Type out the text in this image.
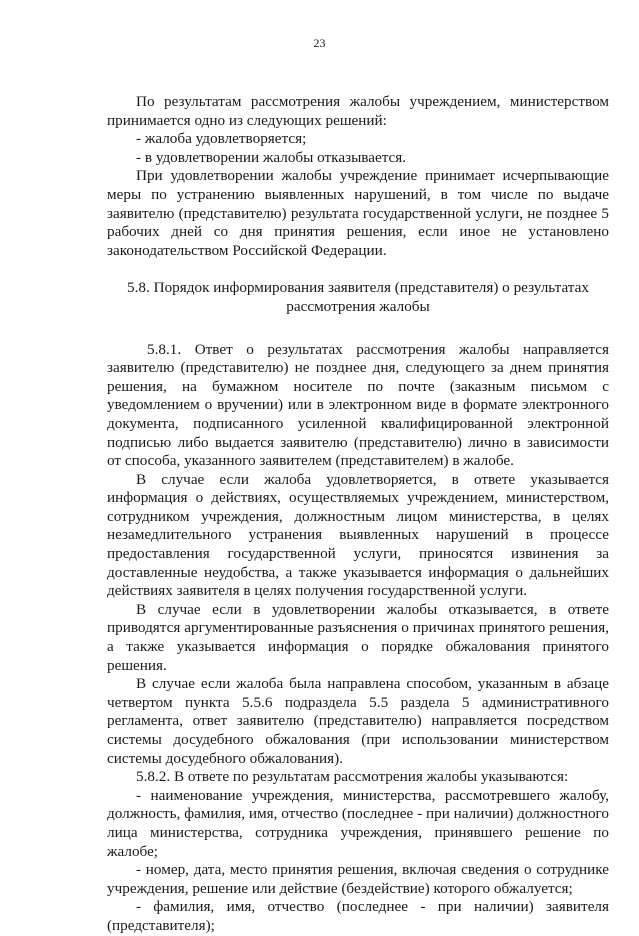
23

По результатам рассмотрения жалобы учреждением, министерством принимается одно из следующих решений:

- жалоба удовлетворяется;

- в удовлетворении жалобы отказывается.

При удовлетворении жалобы учреждение принимает исчерпывающие меры по устранению выявленных нарушений, в том числе по выдаче заявителю (представителю) результата государственной услуги, не позднее 5 рабочих дней со дня принятия решения, если иное не установлено законодательством Российской Федерации.

5.8. Порядок информирования заявителя (представителя) о результатах рассмотрения жалобы

5.8.1. Ответ о результатах рассмотрения жалобы направляется заявителю (представителю) не позднее дня, следующего за днем принятия решения, на бумажном носителе по почте (заказным письмом с уведомлением о вручении) или в электронном виде в формате электронного документа, подписанного усиленной квалифицированной электронной подписью либо выдается заявителю (представителю) лично в зависимости от способа, указанного заявителем (представителем) в жалобе.

В случае если жалоба удовлетворяется, в ответе указывается информация о действиях, осуществляемых учреждением, министерством, сотрудником учреждения, должностным лицом министерства, в целях незамедлительного устранения выявленных нарушений в процессе предоставления государственной услуги, приносятся извинения за доставленные неудобства, а также указывается информация о дальнейших действиях заявителя в целях получения государственной услуги.

В случае если в удовлетворении жалобы отказывается, в ответе приводятся аргументированные разъяснения о причинах принятого решения, а также указывается информация о порядке обжалования принятого решения.

В случае если жалоба была направлена способом, указанным в абзаце четвертом пункта 5.5.6 подраздела 5.5 раздела 5 административного регламента, ответ заявителю (представителю) направляется посредством системы досудебного обжалования (при использовании министерством системы досудебного обжалования).

5.8.2. В ответе по результатам рассмотрения жалобы указываются:

- наименование учреждения, министерства, рассмотревшего жалобу, должность, фамилия, имя, отчество (последнее - при наличии) должностного лица министерства, сотрудника учреждения, принявшего решение по жалобе;

- номер, дата, место принятия решения, включая сведения о сотруднике учреждения, решение или действие (бездействие) которого обжалуется;

- фамилия, имя, отчество (последнее - при наличии) заявителя (представителя);
